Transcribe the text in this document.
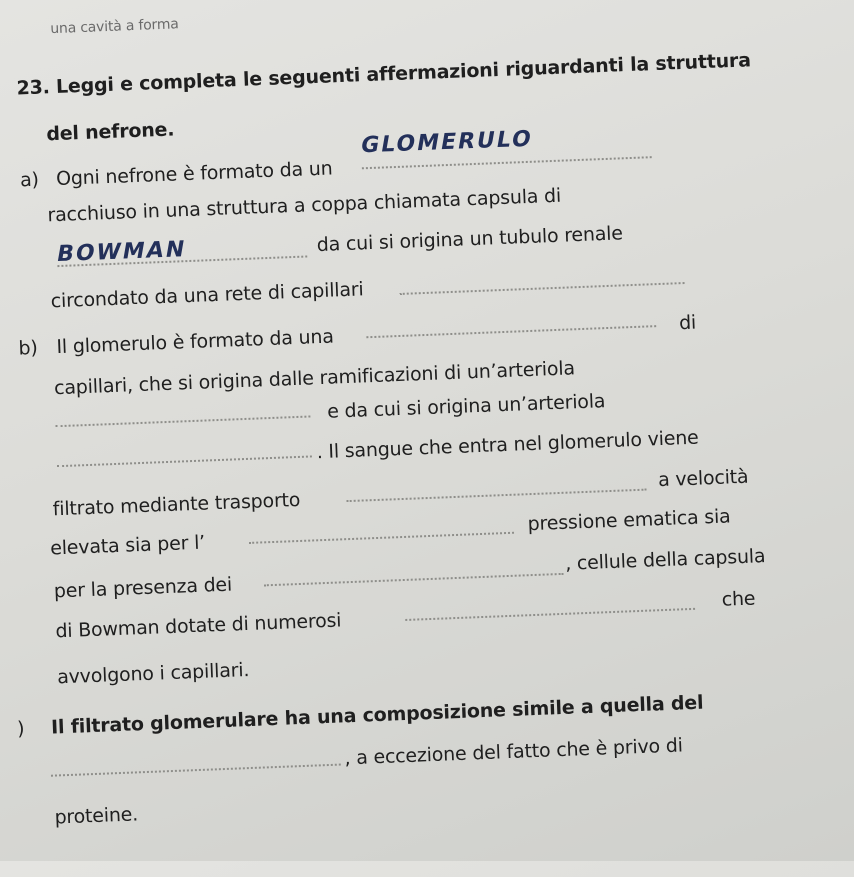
una cavità a forma
23. Leggi e completa le seguenti affermazioni riguardanti la struttura
del nefrone.
a) Ogni nefrone è formato da un
GLOMERULO
racchiuso in una struttura a coppa chiamata capsula di
BOWMAN	da cui si origina un tubulo renale
circondato da una rete di capillari
b) Il glomerulo è formato da una
di
capillari, che si origina dalle ramificazioni di un’arteriola
e da cui si origina un’arteriola
. Il sangue che entra nel glomerulo viene
filtrato mediante trasporto
a velocità
elevata sia per l’
pressione ematica sia
per la presenza dei
, cellule della capsula
di Bowman dotate di numerosi
che
avvolgono i capillari.
) Il filtrato glomerulare ha una composizione simile a quella del
, a eccezione del fatto che è privo di
proteine.
